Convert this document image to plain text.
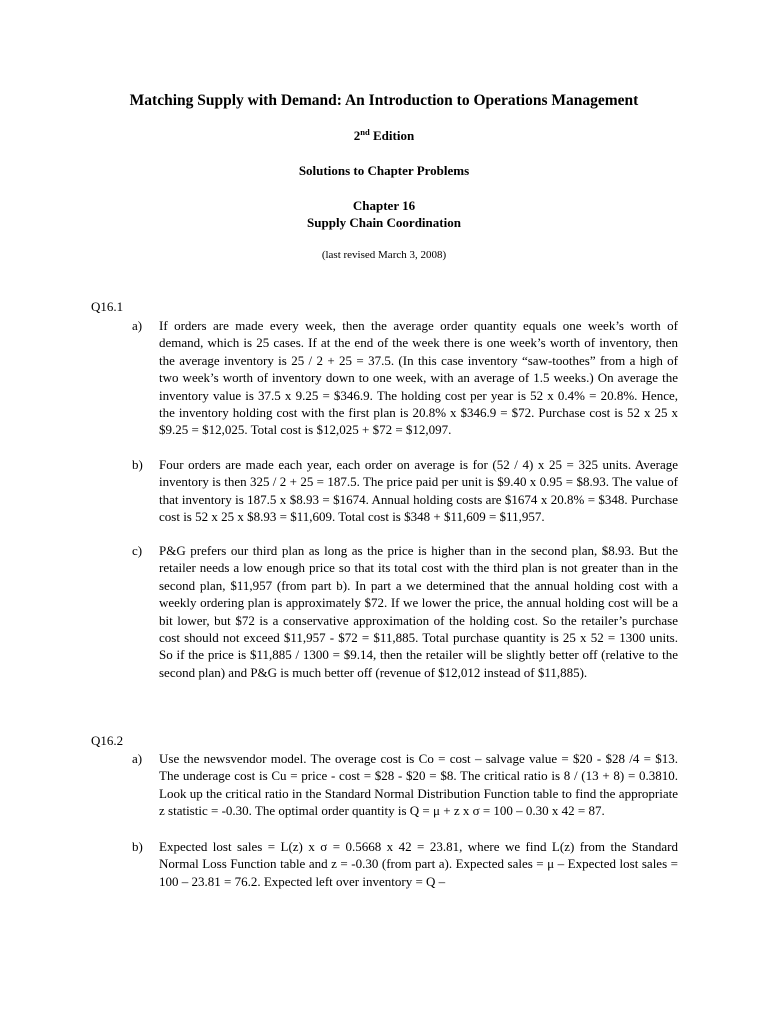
Matching Supply with Demand: An Introduction to Operations Management
2nd Edition
Solutions to Chapter Problems
Chapter 16
Supply Chain Coordination
(last revised March 3, 2008)
Q16.1
a)	If orders are made every week, then the average order quantity equals one week’s worth of demand, which is 25 cases. If at the end of the week there is one week’s worth of inventory, then the average inventory is 25 / 2 + 25 = 37.5. (In this case inventory “saw-toothes” from a high of two week’s worth of inventory down to one week, with an average of 1.5 weeks.) On average the inventory value is 37.5 x 9.25 = $346.9. The holding cost per year is 52 x 0.4% = 20.8%. Hence, the inventory holding cost with the first plan is 20.8% x $346.9 = $72. Purchase cost is 52 x 25 x $9.25 = $12,025. Total cost is $12,025 + $72 = $12,097.
b)	Four orders are made each year, each order on average is for (52 / 4) x 25 = 325 units. Average inventory is then 325 / 2 + 25 = 187.5. The price paid per unit is $9.40 x 0.95 = $8.93. The value of that inventory is 187.5 x $8.93 = $1674. Annual holding costs are $1674 x 20.8% = $348. Purchase cost is 52 x 25 x $8.93 = $11,609. Total cost is $348 + $11,609 = $11,957.
c)	P&G prefers our third plan as long as the price is higher than in the second plan, $8.93. But the retailer needs a low enough price so that its total cost with the third plan is not greater than in the second plan, $11,957 (from part b). In part a we determined that the annual holding cost with a weekly ordering plan is approximately $72. If we lower the price, the annual holding cost will be a bit lower, but $72 is a conservative approximation of the holding cost. So the retailer’s purchase cost should not exceed $11,957 - $72 = $11,885. Total purchase quantity is 25 x 52 = 1300 units. So if the price is $11,885 / 1300 = $9.14, then the retailer will be slightly better off (relative to the second plan) and P&G is much better off (revenue of $12,012 instead of $11,885).
Q16.2
a)	Use the newsvendor model. The overage cost is Co = cost – salvage value = $20 - $28 /4 = $13. The underage cost is Cu = price - cost = $28 - $20 = $8. The critical ratio is 8 / (13 + 8) = 0.3810. Look up the critical ratio in the Standard Normal Distribution Function table to find the appropriate z statistic = -0.30. The optimal order quantity is Q = μ + z x σ = 100 – 0.30 x 42 = 87.
b)	Expected lost sales = L(z) x σ = 0.5668 x 42 = 23.81, where we find L(z) from the Standard Normal Loss Function table and z = -0.30 (from part a). Expected sales = μ – Expected lost sales = 100 – 23.81 = 76.2. Expected left over inventory = Q –
